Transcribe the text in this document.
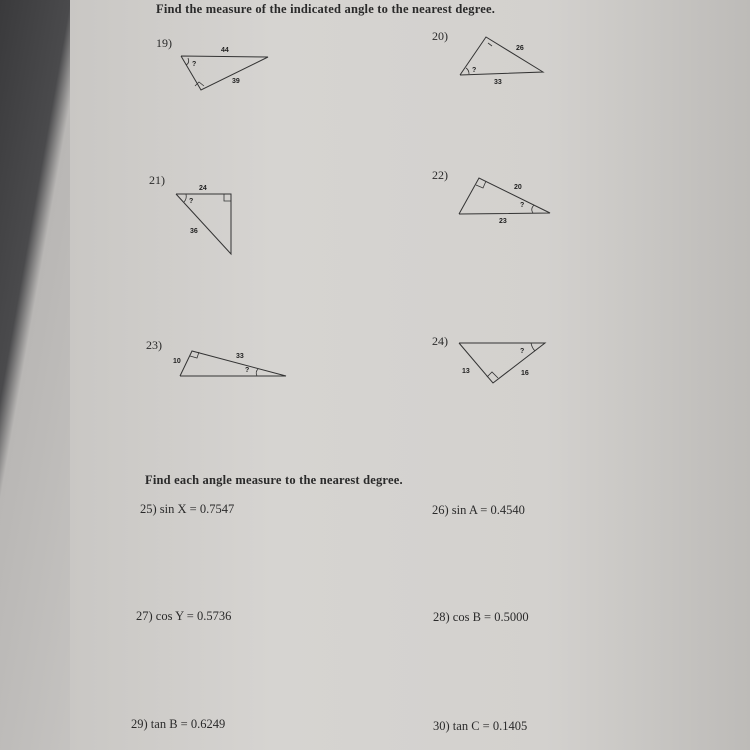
Find the measure of the indicated angle to the nearest degree.
19)
44
39
?
20)
26
33
?
21)
24
36
?
22)
20
23
?
23)
10
33
?
24)
13	16
?
Find each angle measure to the nearest degree.
25) sin X = 0.7547	26) sin A = 0.4540
27) cos Y = 0.5736	28) cos B = 0.5000
29) tan B = 0.6249	30) tan C = 0.1405
